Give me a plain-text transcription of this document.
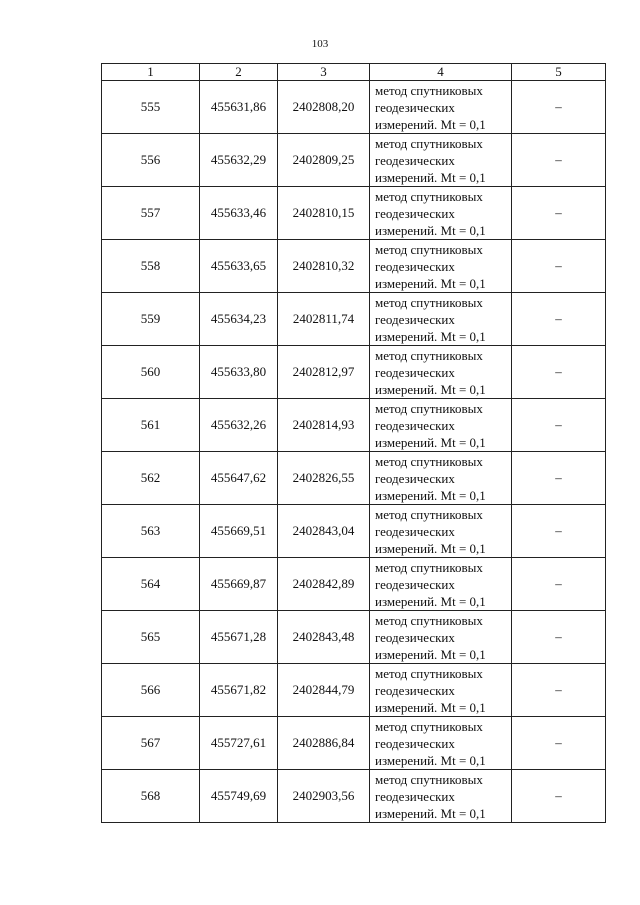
103
1	2	3	4	5
555	455631,86	2402808,20	метод спутниковых
геодезических
измерений. Mt = 0,1	–
556	455632,29	2402809,25	метод спутниковых
геодезических
измерений. Mt = 0,1	–
557	455633,46	2402810,15	метод спутниковых
геодезических
измерений. Mt = 0,1	–
558	455633,65	2402810,32	метод спутниковых
геодезических
измерений. Mt = 0,1	–
559	455634,23	2402811,74	метод спутниковых
геодезических
измерений. Mt = 0,1	–
560	455633,80	2402812,97	метод спутниковых
геодезических
измерений. Mt = 0,1	–
561	455632,26	2402814,93	метод спутниковых
геодезических
измерений. Mt = 0,1	–
562	455647,62	2402826,55	метод спутниковых
геодезических
измерений. Mt = 0,1	–
563	455669,51	2402843,04	метод спутниковых
геодезических
измерений. Mt = 0,1	–
564	455669,87	2402842,89	метод спутниковых
геодезических
измерений. Mt = 0,1	–
565	455671,28	2402843,48	метод спутниковых
геодезических
измерений. Mt = 0,1	–
566	455671,82	2402844,79	метод спутниковых
геодезических
измерений. Mt = 0,1	–
567	455727,61	2402886,84	метод спутниковых
геодезических
измерений. Mt = 0,1	–
568	455749,69	2402903,56	метод спутниковых
геодезических
измерений. Mt = 0,1	–
